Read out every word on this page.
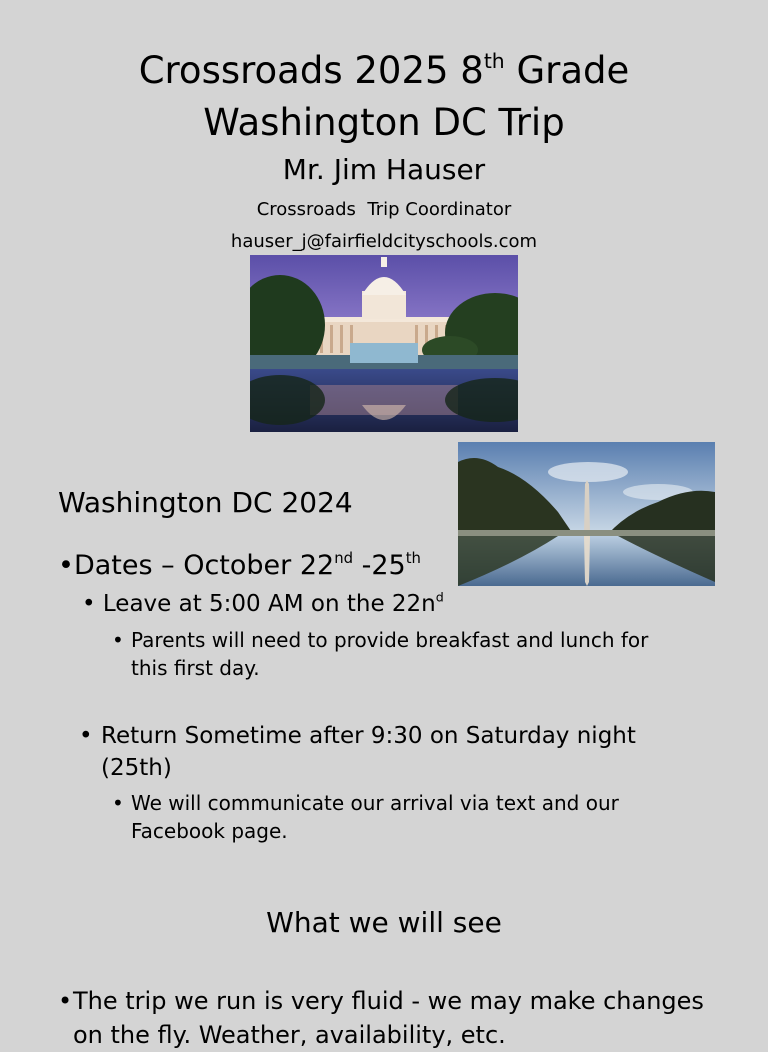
Crossroads 2025 8th Grade
Washington DC Trip
Mr. Jim Hauser
Crossroads  Trip Coordinator
hauser_j@fairfieldcityschools.com
Washington DC 2024
•Dates – October 22nd -25th
• Leave at 5:00 AM on the $22n^d$
• Parents will need to provide breakfast and lunch for
this first day.
• Return Sometime after 9:30 on Saturday night
(25th)
• We will communicate our arrival via text and our
Facebook page.
What we will see
• The trip we run is very fluid - we may make changes
on the fly. Weather, availability, etc.
